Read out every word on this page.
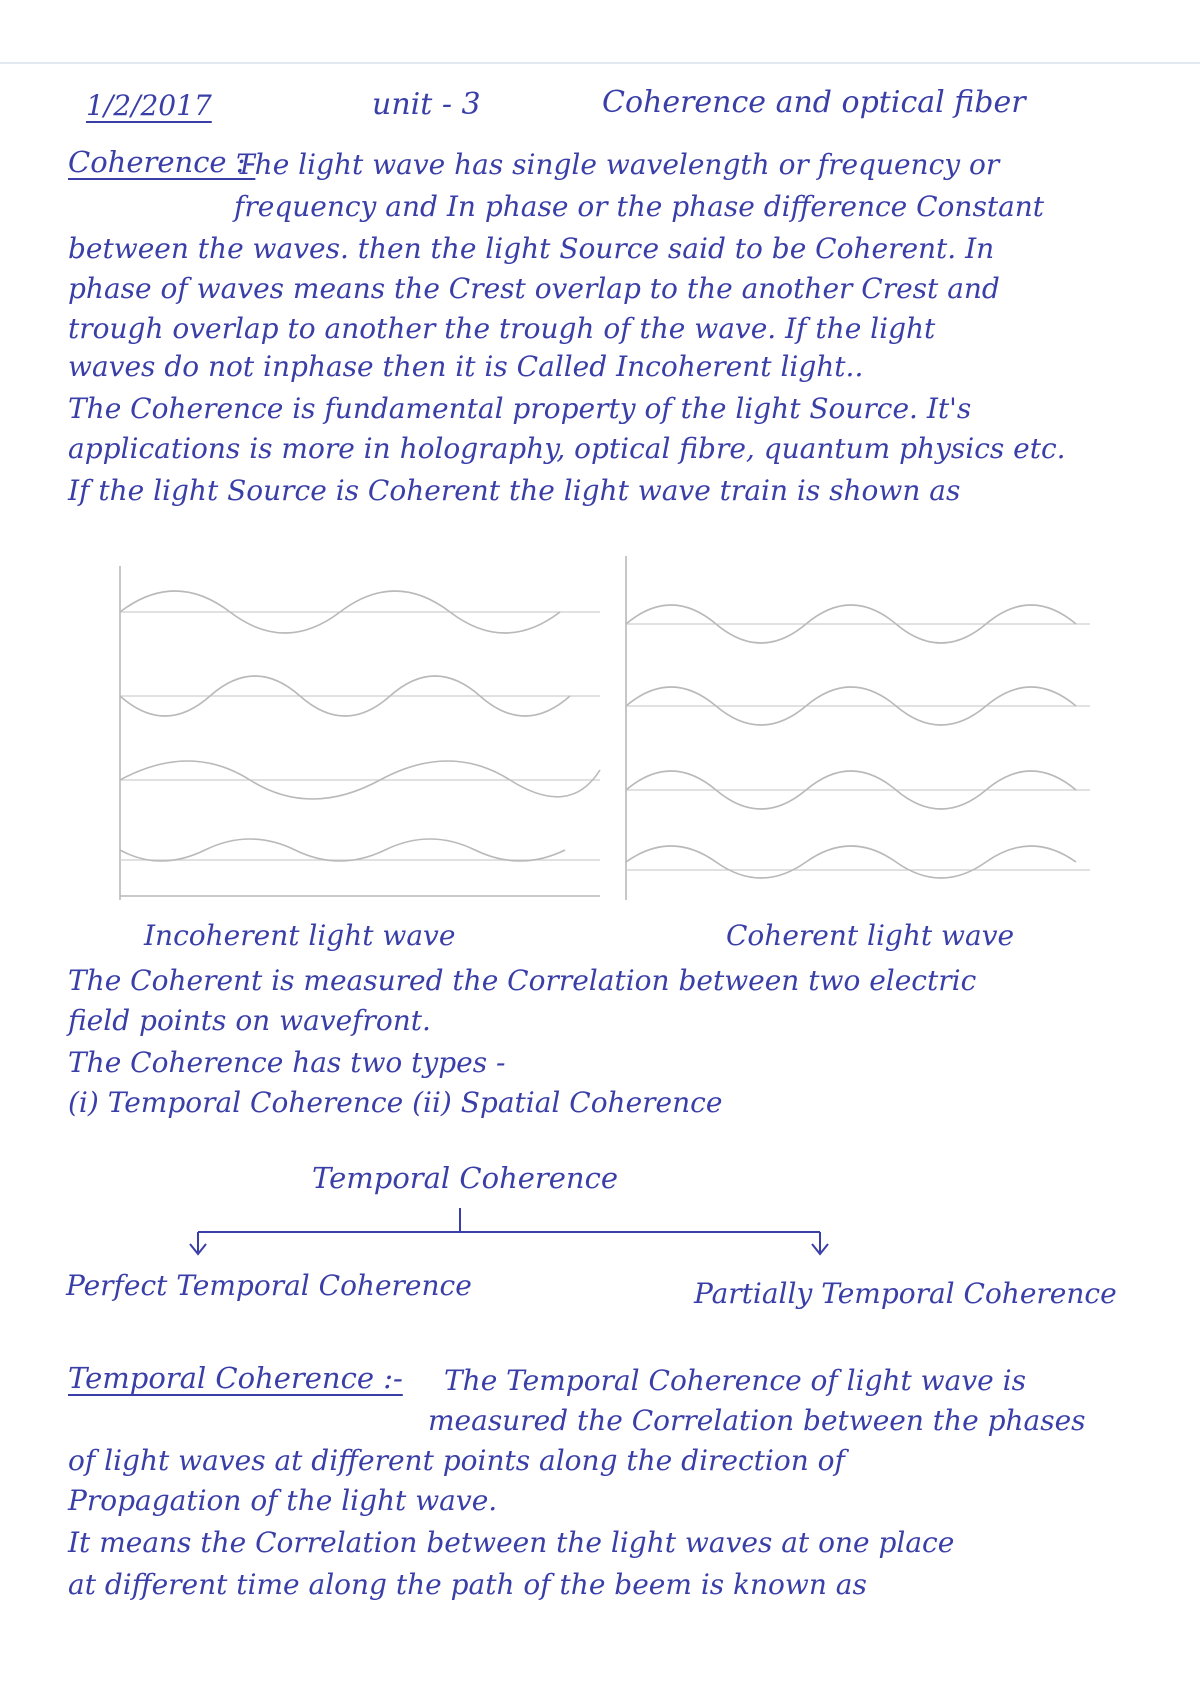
1/2/2017	unit - 3	Coherence and optical fiber
Coherence :-
The light wave has single wavelength or frequency or
frequency and In phase or the phase difference Constant
between the waves. then the light Source said to be Coherent. In
phase of waves means the Crest overlap to the another Crest and
trough overlap to another the trough of the wave. If the light
waves do not inphase then it is Called Incoherent light..
The Coherence is fundamental property of the light Source. It's
applications is more in holography, optical fibre, quantum physics etc.
If the light Source is Coherent the light wave train is shown as
Incoherent light wave	Coherent light wave
The Coherent is measured the Correlation between two electric
field points on wavefront.
The Coherence has two types -
(i) Temporal Coherence (ii) Spatial Coherence
Temporal Coherence
Perfect Temporal Coherence	Partially Temporal Coherence
Temporal Coherence :- The Temporal Coherence of light wave is
measured the Correlation between the phases
of light waves at different points along the direction of
Propagation of the light wave.
It means the Correlation between the light waves at one place
at different time along the path of the beem is known as
